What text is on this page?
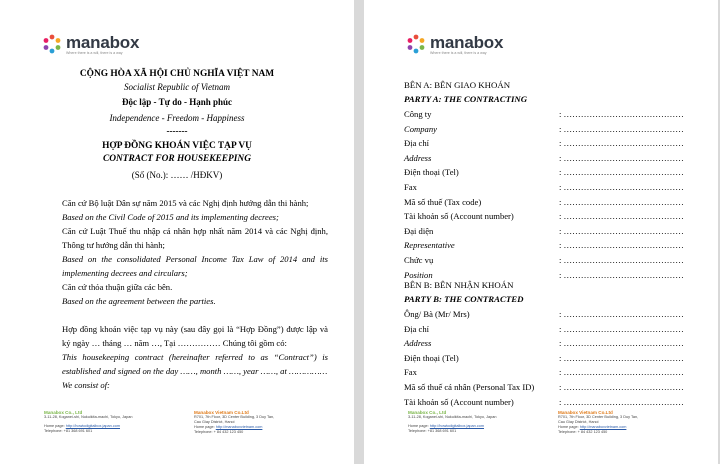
manabox
Where there is a will, there is a way
CỘNG HÒA XÃ HỘI CHỦ NGHĨA VIỆT NAM
Socialist Republic of Vietnam
Độc lập - Tự do - Hạnh phúc
Independence - Freedom - Happiness
-------
HỢP ĐỒNG KHOÁN VIỆC TẠP VỤ
CONTRACT FOR HOUSEKEEPING
(Số (No.): …… /HĐKV)
Căn cứ Bộ luật Dân sự năm 2015 và các Nghị định hướng dẫn thi hành;
Based on the Civil Code of 2015 and its implementing decrees;
Căn cứ Luật Thuế thu nhập cá nhân hợp nhất năm 2014 và các Nghị định,
Thông tư hướng dẫn thi hành;
Based on the consolidated Personal Income Tax Law of 2014 and its
implementing decrees and circulars;
Căn cứ thỏa thuận giữa các bên.
Based on the agreement between the parties.
Hợp đồng khoán việc tạp vụ này (sau đây gọi là “Hợp Đồng”) được lập và
ký ngày … tháng … năm …, Tại …………… Chúng tôi gồm có:
This housekeeping contract (hereinafter referred to as “Contract”) is
established and signed on the day ……, month ……, year ……, at ……………
We consist of:
Manabox Co., Ltd
3-11-28, Koganei-shi, Nukuikita-machi, Tokyo, Japan
Home page: http://howtodigitalbox.japan.com
Telephone: +81 368 691 601
Manabox Vietnam Co.Ltd
R701, 7th Floor, 3D Center Building, 3 Duy Tan,
Cau Giay District, Hanoi
Home page: http://manaboxvietnam.com
Telephone: + 84 432 123 450
manabox
Where there is a will, there is a way
BÊN A: BÊN GIAO KHOÁN
PARTY A: THE CONTRACTING
Công ty	: ……………………………………
Company	: ……………………………………
Địa chỉ	: ……………………………………
Address	: ……………………………………
Điện thoại (Tel)	: ……………………………………
Fax	: ……………………………………
Mã số thuế (Tax code)	: ……………………………………
Tài khoản số (Account number)	: ……………………………………
Đại diện	: ……………………………………
Representative	: ……………………………………
Chức vụ	: ……………………………………
Position	: ……………………………………
BÊN B: BÊN NHẬN KHOÁN
PARTY B: THE CONTRACTED
Ông/ Bà (Mr/ Mrs)	: ……………………………………
Địa chỉ	: ……………………………………
Address	: ……………………………………
Điện thoại (Tel)	: ……………………………………
Fax	: ……………………………………
Mã số thuế cá nhân (Personal Tax ID)	: ……………………………………
Tài khoản số (Account number)	: ……………………………………
Manabox Co., Ltd
3-11-28, Koganei-shi, Nukuikita-machi, Tokyo, Japan
Home page: http://howtodigitalbox.japan.com
Telephone: +81 368 691 601
Manabox Vietnam Co.Ltd
R701, 7th Floor, 3D Center Building, 3 Duy Tan,
Cau Giay District, Hanoi
Home page: http://manaboxvietnam.com
Telephone: + 84 432 123 450
